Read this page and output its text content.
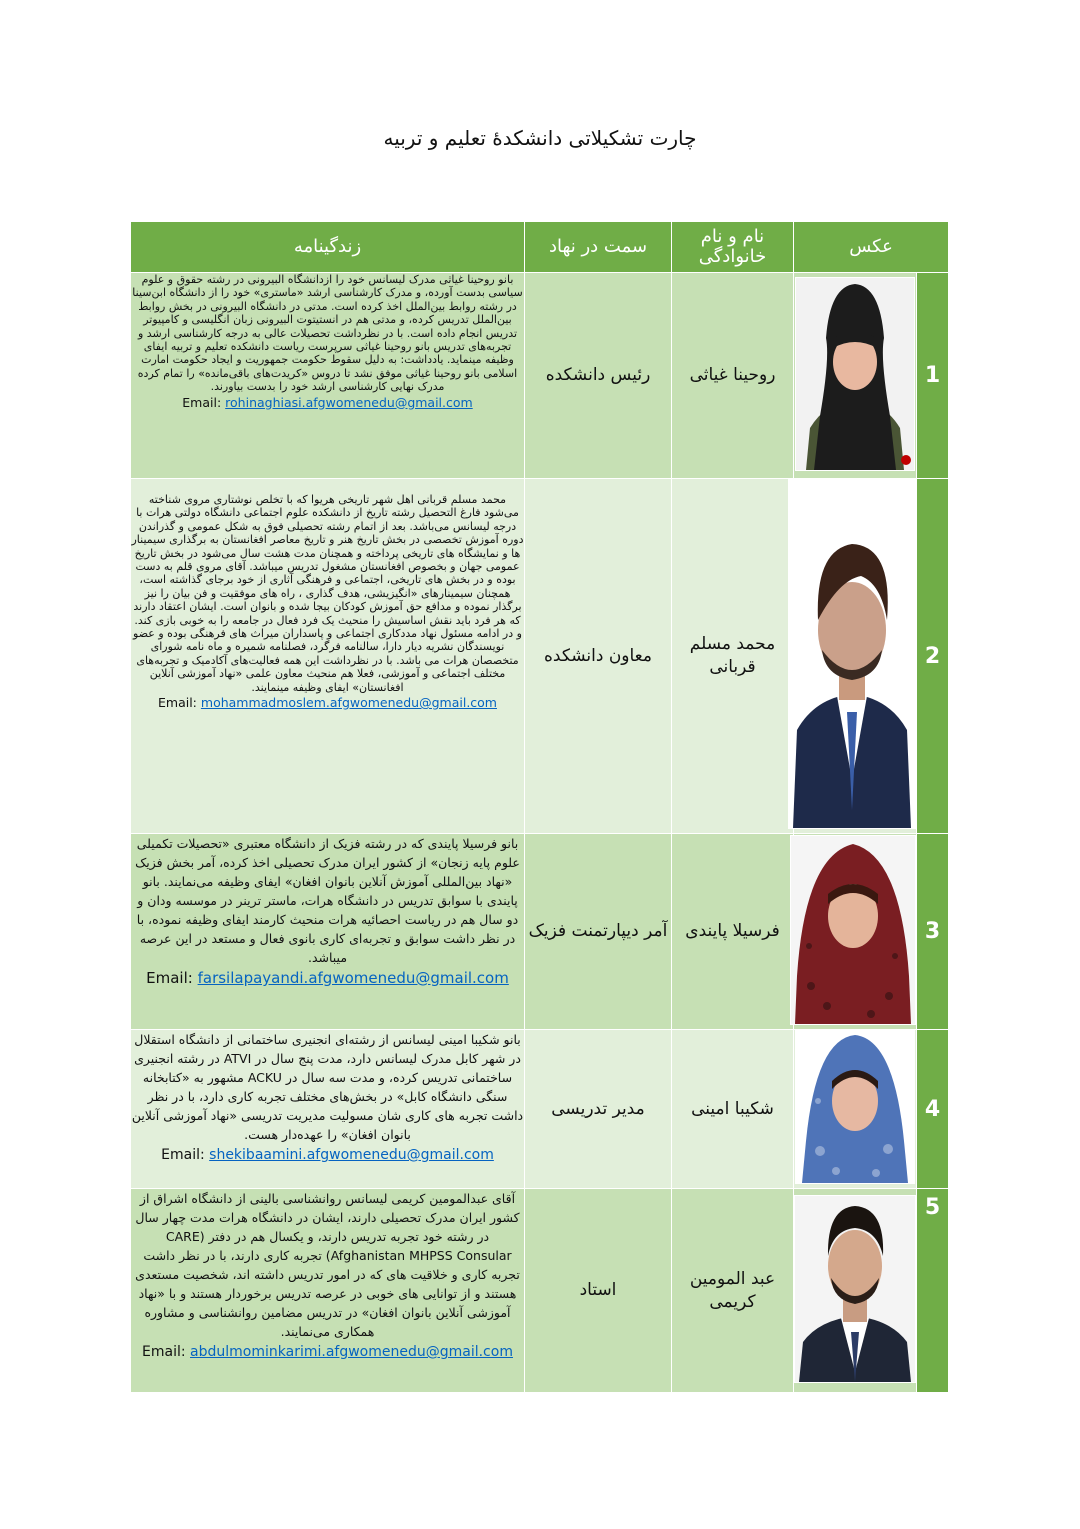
چارت تشکیلاتی دانشکدهٔ تعلیم و تربیه
عکس		نام و نام خانوادگی	سمت در نهاد	زندگینامه
1		روحینا غیاثی	رئیس دانشکده	بانو روحینا غیاثی مدرک لیسانس خود را ازدانشگاه البیرونی در رشته حقوق و علوم سیاسی بدست آورده، و مدرک کارشناسی ارشد «ماستری» خود را از دانشگاه ابن‌سینا در رشته روابط بین‌الملل اخذ کرده است. مدتی در دانشگاه البیرونی در بخش روابط بین‌الملل تدریس کرده، و مدتی هم در انستیتوت البیرونی زبان انگلیسی و کامپیوتر تدریس انجام داده است. با در نظرداشت تحصیلات عالی به درجه کارشناسی ارشد و تجربه‌های تدریس بانو روحینا غیاثی سرپرست ریاست دانشکده تعلیم و تربیه ایفای وظیفه مینماید. یادداشت: به دلیل سقوط حکومت جمهوریت و ایجاد حکومت امارت اسلامی بانو روحینا غیاثی موفق نشد تا دروس «کریدت‌های باقی‌مانده» را تمام کرده مدرک نهایی کارشناسی ارشد خود را بدست بیاورند.
Email: rohinaghiasi.afgwomenedu@gmail.com

2		محمد مسلم قربانی	معاون دانشکده	محمد مسلم قربانی اهل شهر تاریخی هریوا که با تخلص نوشتاری مروی شناخته می‌شود فارغ التحصیل رشته تاریخ از دانشکده علوم اجتماعی دانشگاه دولتی هرات با درجه لیسانس می‌باشد. بعد از اتمام رشته تحصیلی فوق به شکل عمومی و گذراندن دوره آموزش تخصصی در بخش تاریخ هنر و تاریخ معاصر افغانستان به برگذاری سیمینار ها و نمایشگاه های تاریخی پرداخته و همچنان مدت هشت سال می‌شود در بخش تاریخ عمومی جهان و بخصوص افغانستان مشغول تدریس میباشد. آقای مروی قلم به دست بوده و در بخش های تاریخی، اجتماعی و فرهنگی آثاری از خود برجای گذاشته است، همچنان سیمینارهای «انگیزیشی، هدف گذاری ، راه های موفقیت و فن بیان را نیز برگذار نموده و مدافع حق آموزش کودکان بیجا شده و بانوان است. ایشان اعتقاد دارند که هر فرد باید نقش اساسیش را منحیث یک فرد فعال در جامعه را به خوبی بازی کند. و در ادامه مسئول نهاد مددکاری اجتماعی و پاسداران میراث های فرهنگی بوده و عضو نویسندگان نشریه دیار دارا، سالنامه فرگرد، فصلنامه شمیره و ماه نامه شورای متخصصان هرات می باشد. با در نظرداشت این همه فعالیت‌های آکادمیک و تجربه‌های مختلف اجتماعی و آموزشی، فعلا هم منحیث معاون علمی «نهاد آموزشی آنلاین افغانستان» ایفای وظیفه مینمایند.
Email: mohammadmoslem.afgwomenedu@gmail.com

3		فرسیلا پایندی	آمر دیپارتمنت فزیک	بانو فرسیلا پایندی که در رشته فزیک از دانشگاه معتبری «تحصیلات تکمیلی علوم پایه زنجان» از کشور ایران مدرک تحصیلی اخذ کرده، آمر بخش فزیک «نهاد بین‌المللی آموزش آنلاین بانوان افغان» ایفای وظیفه می‌نمایند. بانو پایندی با سوابق تدریس در دانشگاه هرات، ماستر ترینر در موسسه ودان و دو سال هم در ریاست احصائیه هرات منحیث کارمند ایفای وظیفه نموده، با در نظر داشت سوابق و تجربه‌ای کاری بانوی فعال و مستعد در این عرصه میباشد.
Email: farsilapayandi.afgwomenedu@gmail.com

4		شکیبا امینی	مدیر تدریسی	بانو شکیبا امینی لیسانس از رشته‌ای انجنیری ساختمانی از دانشگاه استقلال در شهر کابل مدرک لیسانس دارد، مدت پنج سال در ATVI در رشته انجنیری ساختمانی تدریس کرده، و مدت سه سال در ACKU مشهور به «کتابخانه سنگی دانشگاه کابل» در بخش‌های مختلف تجربه کاری دارد، با در نظر داشت تجربه های کاری شان مسولیت مدیریت تدریسی «نهاد آموزشی آنلاین بانوان افغان» را عهده‌دار هست.
Email: shekibaamini.afgwomenedu@gmail.com

5		عبد المومین کریمی	استاد	آقای عبدالمومین کریمی لیسانس روانشناسی بالینی از دانشگاه اشراق از کشور ایران مدرک تحصیلی دارند، ایشان در دانشگاه هرات مدت چهار سال در رشته خود تجربه تدریس دارند، و یکسال هم در دفتر (CARE Afghanistan MHPSS Consular) تجربه کاری دارند، با در نظر داشت تجربه کاری و خلاقیت های که در امور تدریس داشته اند، شخصیت مستعدی هستند و از توانایی های خوبی در عرصه تدریس برخوردار هستند و با «نهاد آموزشی آنلاین بانوان افغان» در تدریس مضامین روانشناسی و مشاوره همکاری می‌نمایند.
Email: abdulmominkarimi.afgwomenedu@gmail.com
